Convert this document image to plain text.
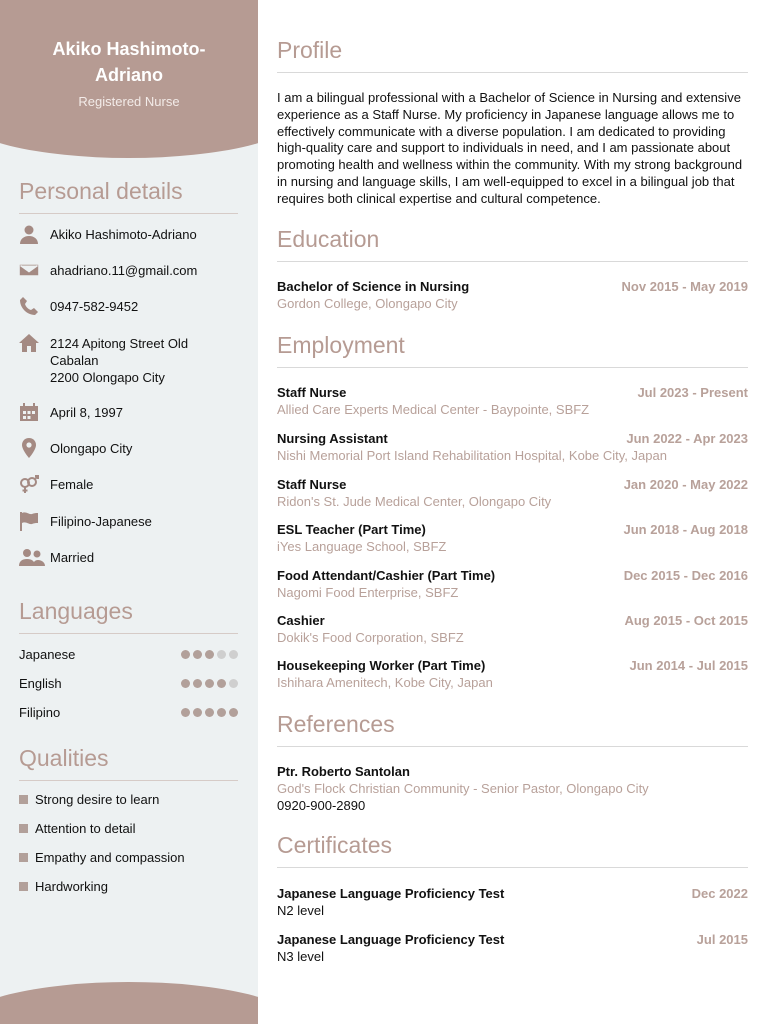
Akiko Hashimoto-Adriano
Registered Nurse
Personal details
Akiko Hashimoto-Adriano
ahadriano.11@gmail.com
0947-582-9452
2124 Apitong Street Old Cabalan
2200 Olongapo City
April 8, 1997
Olongapo City
Female
Filipino-Japanese
Married
Languages
Japanese
English
Filipino
Qualities
Strong desire to learn
Attention to detail
Empathy and compassion
Hardworking
Profile
I am a bilingual professional with a Bachelor of Science in Nursing and extensive experience as a Staff Nurse. My proficiency in Japanese language allows me to effectively communicate with a diverse population. I am dedicated to providing high-quality care and support to individuals in need, and I am passionate about promoting health and wellness within the community. With my strong background in nursing and language skills, I am well-equipped to excel in a bilingual job that requires both clinical expertise and cultural competence.
Education
Bachelor of Science in Nursing	Nov 2015 - May 2019
Gordon College, Olongapo City
Employment
Staff Nurse	Jul 2023 - Present
Allied Care Experts Medical Center - Baypointe, SBFZ
Nursing Assistant	Jun 2022 - Apr 2023
Nishi Memorial Port Island Rehabilitation Hospital, Kobe City, Japan
Staff Nurse	Jan 2020 - May 2022
Ridon's St. Jude Medical Center, Olongapo City
ESL Teacher (Part Time)	Jun 2018 - Aug 2018
iYes Language School, SBFZ
Food Attendant/Cashier (Part Time)	Dec 2015 - Dec 2016
Nagomi Food Enterprise, SBFZ
Cashier	Aug 2015 - Oct 2015
Dokik's Food Corporation, SBFZ
Housekeeping Worker (Part Time)	Jun 2014 - Jul 2015
Ishihara Amenitech, Kobe City, Japan
References
Ptr. Roberto Santolan
God's Flock Christian Community - Senior Pastor, Olongapo City
0920-900-2890
Certificates
Japanese Language Proficiency Test	Dec 2022
N2 level
Japanese Language Proficiency Test	Jul 2015
N3 level
